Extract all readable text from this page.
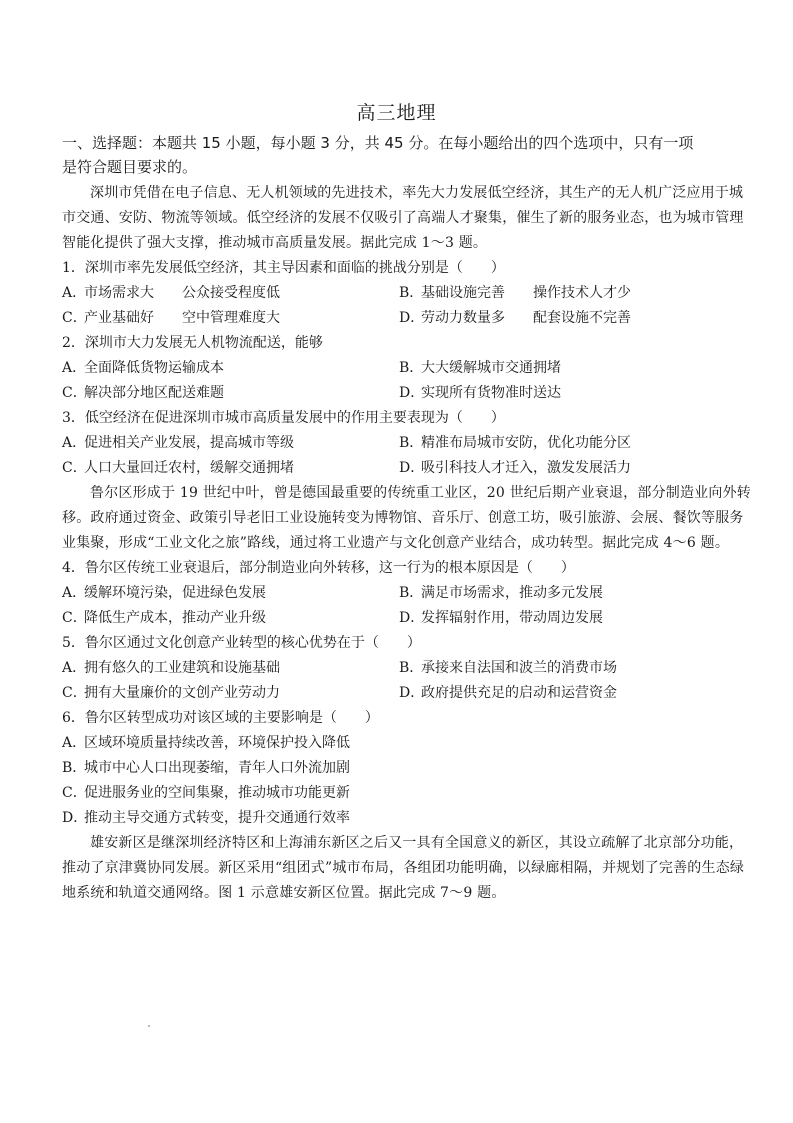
高三地理
一、选择题：本题共 15 小题，每小题 3 分，共 45 分。在每小题给出的四个选项中，只有一项
是符合题目要求的。
深圳市凭借在电子信息、无人机领域的先进技术，率先大力发展低空经济，其生产的无人机广泛应用于城
市交通、安防、物流等领域。低空经济的发展不仅吸引了高端人才聚集，催生了新的服务业态，也为城市管理
智能化提供了强大支撑，推动城市高质量发展。据此完成 1～3 题。
1．深圳市率先发展低空经济，其主导因素和面临的挑战分别是（　　）
A．市场需求大 公众接受程度低	B．基础设施完善 操作技术人才少
C．产业基础好 空中管理难度大	D．劳动力数量多 配套设施不完善
2．深圳市大力发展无人机物流配送，能够
A．全面降低货物运输成本	B．大大缓解城市交通拥堵
C．解决部分地区配送难题	D．实现所有货物准时送达
3．低空经济在促进深圳市城市高质量发展中的作用主要表现为（　　）
A．促进相关产业发展，提高城市等级	B．精准布局城市安防，优化功能分区
C．人口大量回迁农村，缓解交通拥堵	D．吸引科技人才迁入，激发发展活力
鲁尔区形成于 19 世纪中叶，曾是德国最重要的传统重工业区，20 世纪后期产业衰退，部分制造业向外转
移。政府通过资金、政策引导老旧工业设施转变为博物馆、音乐厅、创意工坊，吸引旅游、会展、餐饮等服务
业集聚，形成“工业文化之旅”路线，通过将工业遗产与文化创意产业结合，成功转型。据此完成 4～6 题。
4．鲁尔区传统工业衰退后，部分制造业向外转移，这一行为的根本原因是（　　）
A．缓解环境污染，促进绿色发展	B．满足市场需求，推动多元发展
C．降低生产成本，推动产业升级	D．发挥辐射作用，带动周边发展
5．鲁尔区通过文化创意产业转型的核心优势在于（　　）
A．拥有悠久的工业建筑和设施基础	B．承接来自法国和波兰的消费市场
C．拥有大量廉价的文创产业劳动力	D．政府提供充足的启动和运营资金
6．鲁尔区转型成功对该区域的主要影响是（　　）
A．区域环境质量持续改善，环境保护投入降低
B．城市中心人口出现萎缩，青年人口外流加剧
C．促进服务业的空间集聚，推动城市功能更新
D．推动主导交通方式转变，提升交通通行效率
雄安新区是继深圳经济特区和上海浦东新区之后又一具有全国意义的新区，其设立疏解了北京部分功能，
推动了京津冀协同发展。新区采用“组团式”城市布局，各组团功能明确，以绿廊相隔，并规划了完善的生态绿
地系统和轨道交通网络。图 1 示意雄安新区位置。据此完成 7～9 题。
